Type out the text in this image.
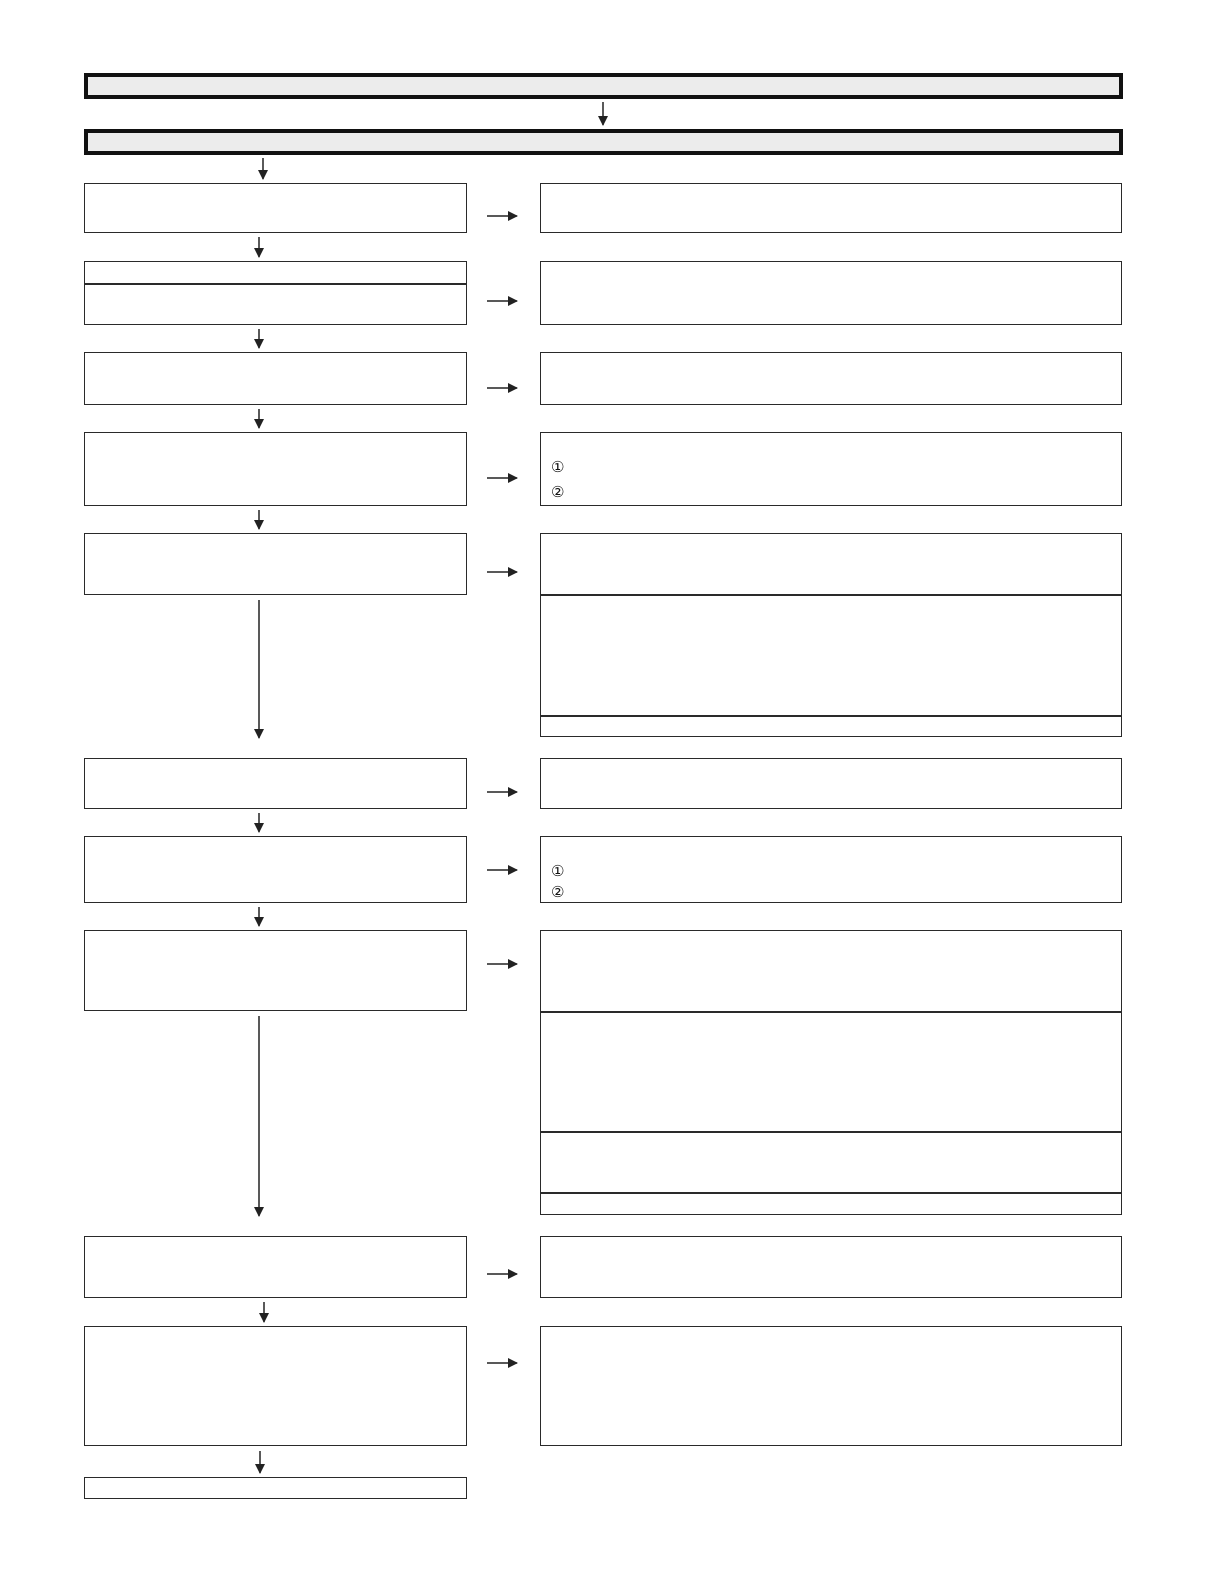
①
②
①
②
